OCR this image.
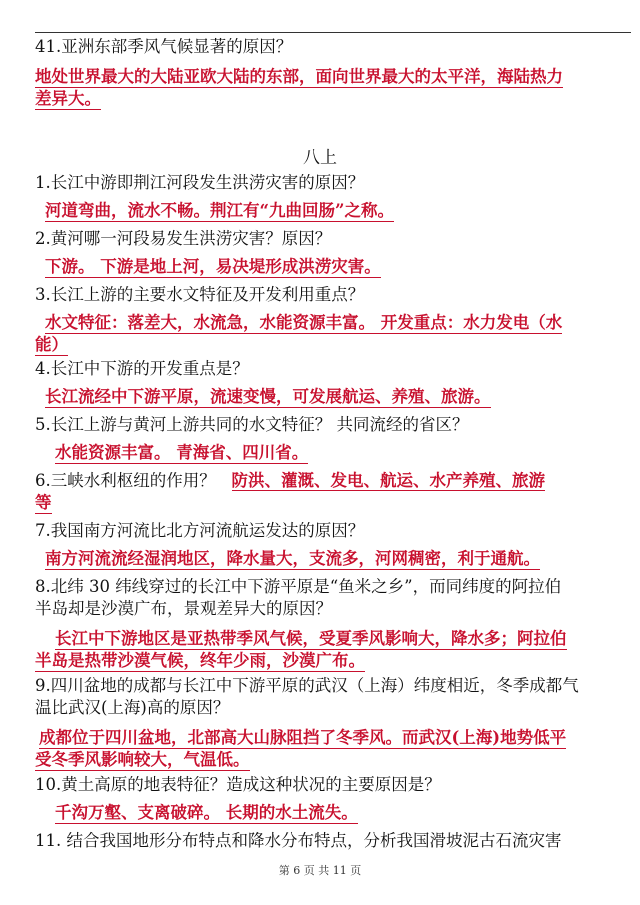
41.亚洲东部季风气候显著的原因？

地处世界最大的大陆亚欧大陆的东部，面向世界最大的太平洋，海陆热力

差异大。

八上

1.长江中游即荆江河段发生洪涝灾害的原因？

河道弯曲，流水不畅。荆江有“九曲回肠”之称。

2.黄河哪一河段易发生洪涝灾害？原因？

下游。 下游是地上河，易决堤形成洪涝灾害。

3.长江上游的主要水文特征及开发利用重点？

水文特征：落差大，水流急，水能资源丰富。 开发重点：水力发电（水

能）

4.长江中下游的开发重点是？

长江流经中下游平原，流速变慢，可发展航运、养殖、旅游。

5.长江上游与黄河上游共同的水文特征？ 共同流经的省区？

水能资源丰富。 青海省、四川省。

6.三峡水利枢纽的作用？ 防洪、灌溉、发电、航运、水产养殖、旅游

等

7.我国南方河流比北方河流航运发达的原因？

南方河流流经湿润地区，降水量大，支流多，河网稠密，利于通航。

8.北纬 30 纬线穿过的长江中下游平原是“鱼米之乡”，而同纬度的阿拉伯

半岛却是沙漠广布，景观差异大的原因？

长江中下游地区是亚热带季风气候，受夏季风影响大，降水多；阿拉伯

半岛是热带沙漠气候，终年少雨，沙漠广布。

9.四川盆地的成都与长江中下游平原的武汉（上海）纬度相近，冬季成都气

温比武汉(上海)高的原因？

成都位于四川盆地，北部高大山脉阻挡了冬季风。而武汉(上海)地势低平

受冬季风影响较大，气温低。

10.黄土高原的地表特征？造成这种状况的主要原因是？

千沟万壑、支离破碎。 长期的水土流失。

11. 结合我国地形分布特点和降水分布特点，分析我国滑坡泥古石流灾害

第 6 页 共 11 页
